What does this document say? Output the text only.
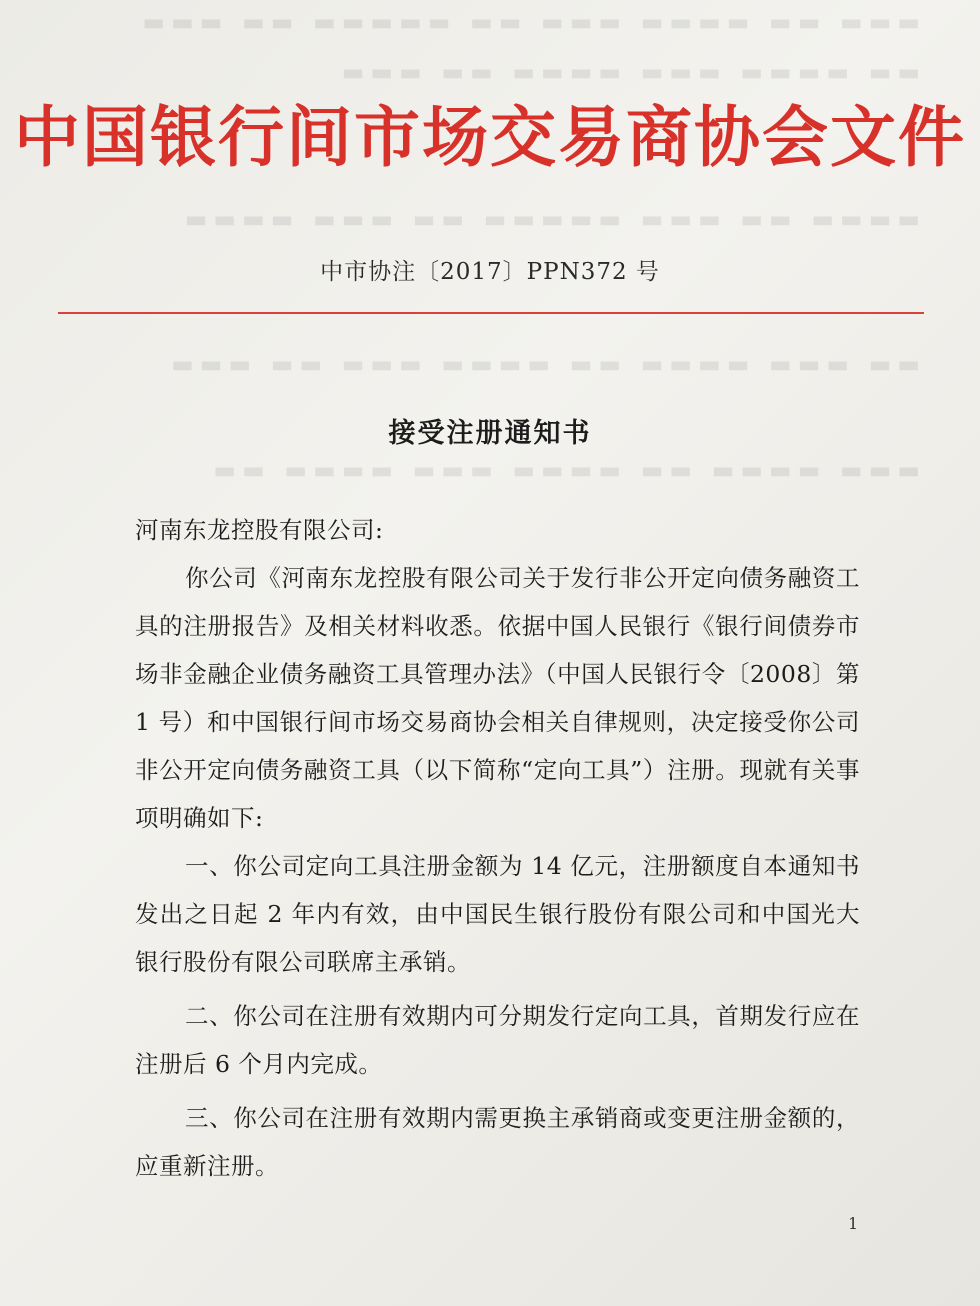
▬▬▬ ▬▬ ▬▬▬▬ ▬▬▬ ▬▬ ▬▬▬▬▬ ▬▬ ▬▬▬
▬▬ ▬▬▬▬ ▬▬▬ ▬▬▬▬ ▬▬ ▬▬▬
▬▬▬▬ ▬▬ ▬▬▬ ▬▬▬▬▬ ▬▬ ▬▬▬ ▬▬▬▬
▬▬ ▬▬▬ ▬▬▬▬ ▬▬ ▬▬▬▬ ▬▬▬ ▬▬ ▬▬▬
▬▬▬ ▬▬▬▬ ▬▬ ▬▬▬▬ ▬▬▬ ▬▬▬▬ ▬▬
中国银行间市场交易商协会文件
中市协注〔2017〕PPN372 号
接受注册通知书

河南东龙控股有限公司:

你公司《河南东龙控股有限公司关于发行非公开定向债务融资工具的注册报告》及相关材料收悉。依据中国人民银行《银行间债券市场非金融企业债务融资工具管理办法》（中国人民银行令〔2008〕第 1 号）和中国银行间市场交易商协会相关自律规则，决定接受你公司非公开定向债务融资工具（以下简称“定向工具”）注册。现就有关事项明确如下:

一、你公司定向工具注册金额为 14 亿元，注册额度自本通知书发出之日起 2 年内有效，由中国民生银行股份有限公司和中国光大银行股份有限公司联席主承销。

二、你公司在注册有效期内可分期发行定向工具，首期发行应在注册后 6 个月内完成。

三、你公司在注册有效期内需更换主承销商或变更注册金额的，应重新注册。

1
